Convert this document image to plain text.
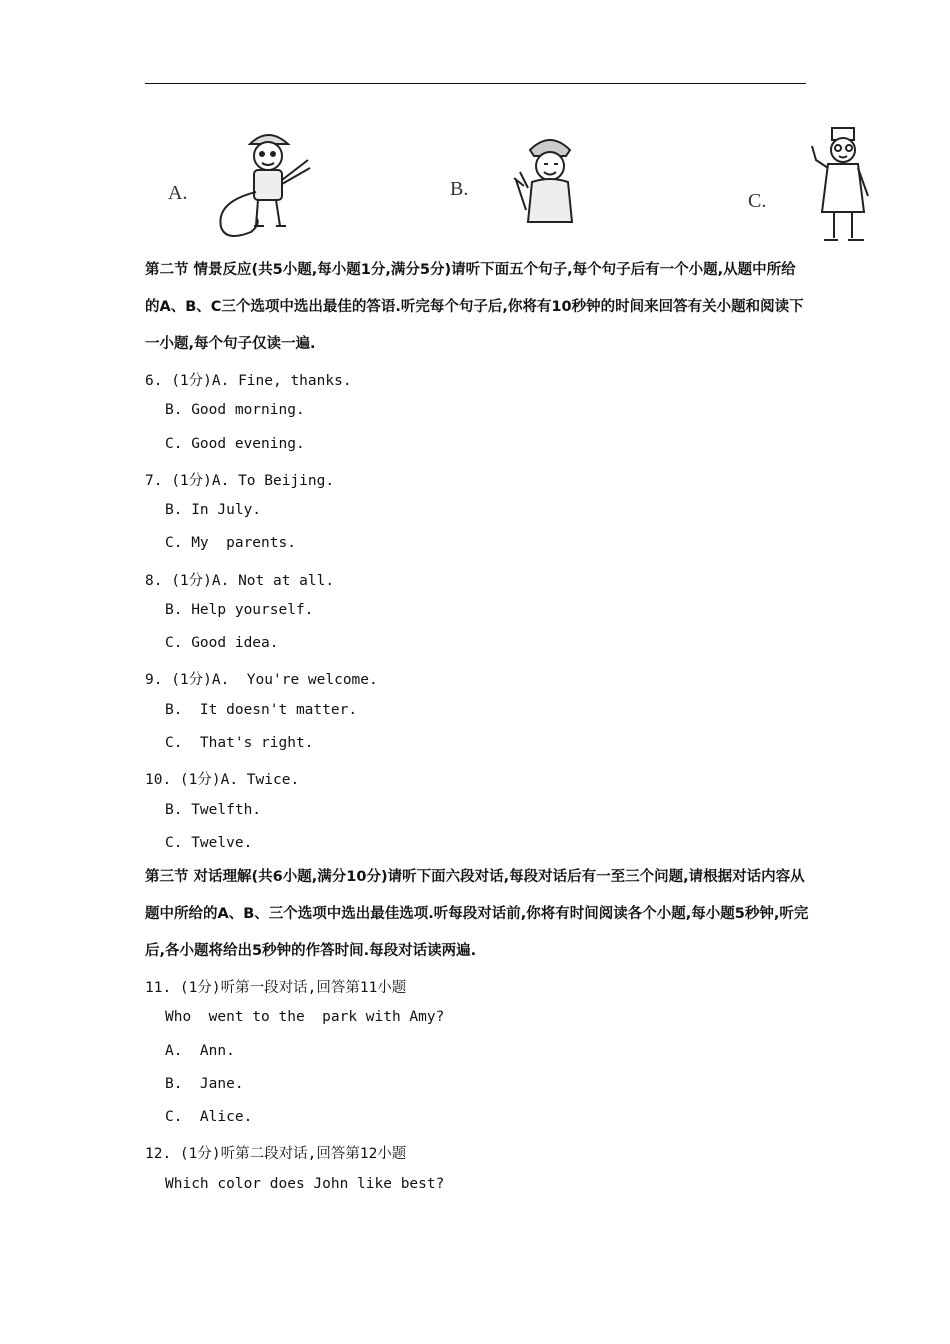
A.	B.
C.
第二节 情景反应(共5小题,每小题1分,满分5分)请听下面五个句子,每个句子后有一个小题,从题中所给的A、B、C三个选项中选出最佳的答语.听完每个句子后,你将有10秒钟的时间来回答有关小题和阅读下一小题,每个句子仅读一遍.
6. (1分)A. Fine, thanks.
B. Good morning.
C. Good evening.
7. (1分)A. To Beijing.
B. In July.
C. My  parents.
8. (1分)A. Not at all.
B. Help yourself.
C. Good idea.
9. (1分)A.  You're welcome.
B.  It doesn't matter.
C.  That's right.
10. (1分)A. Twice.
B. Twelfth.
C. Twelve.
第三节 对话理解(共6小题,满分10分)请听下面六段对话,每段对话后有一至三个问题,请根据对话内容从题中所给的A、B、三个选项中选出最佳选项.听每段对话前,你将有时间阅读各个小题,每小题5秒钟,听完后,各小题将给出5秒钟的作答时间.每段对话读两遍.
11. (1分)听第一段对话,回答第11小题
Who  went to the  park with Amy?
A.  Ann.
B.  Jane.
C.  Alice.
12. (1分)听第二段对话,回答第12小题
Which color does John like best?
